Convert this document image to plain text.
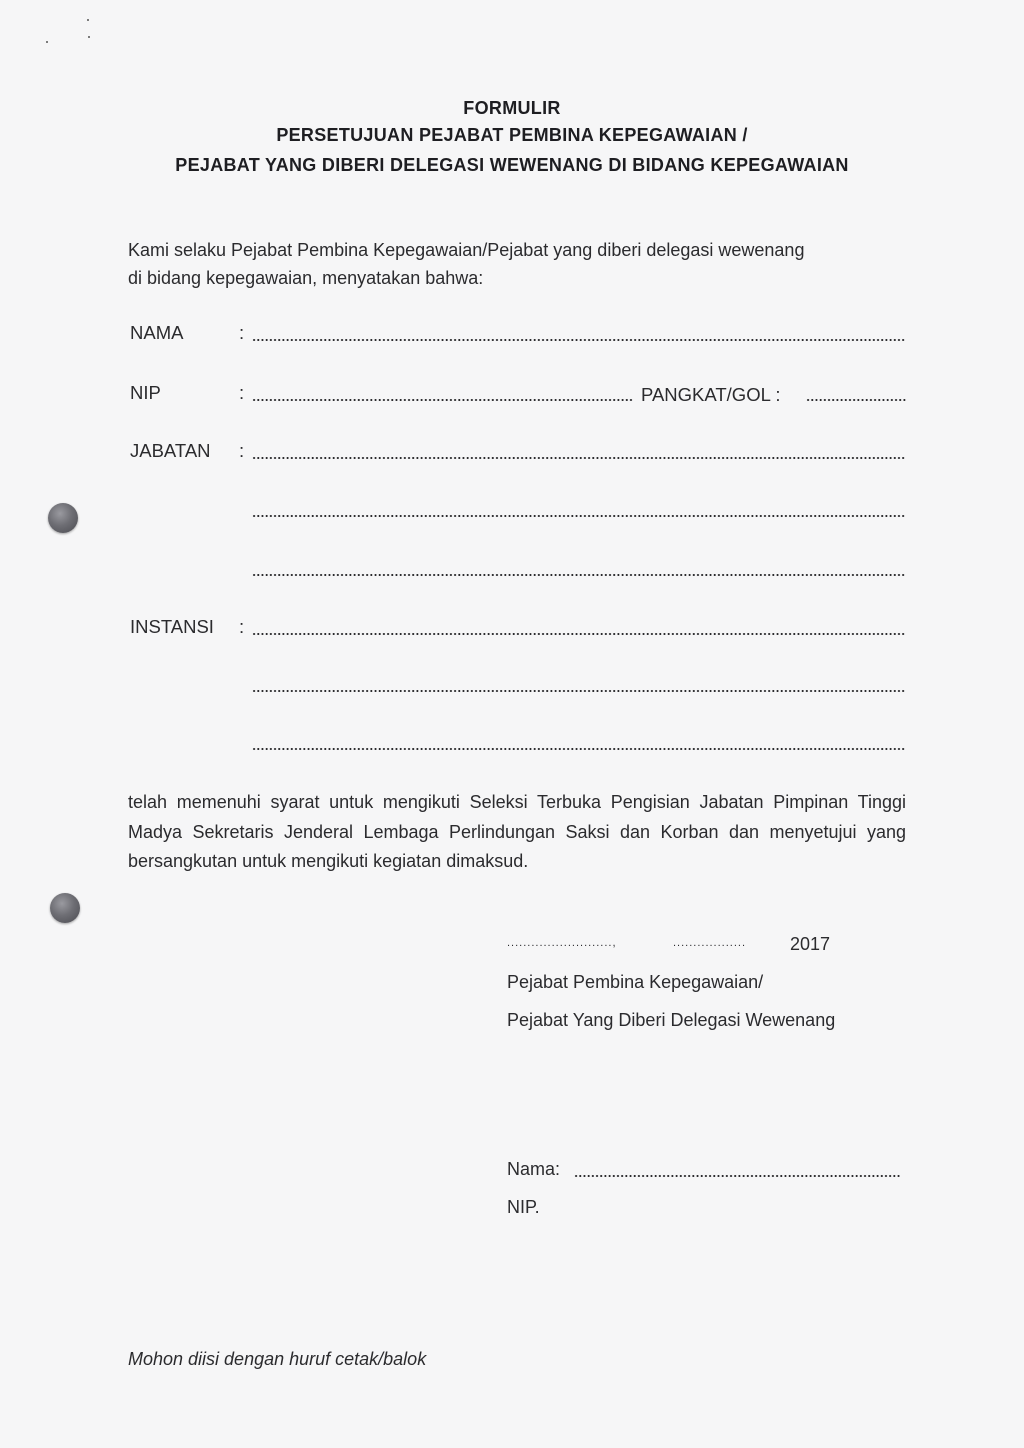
FORMULIR
PERSETUJUAN PEJABAT PEMBINA KEPEGAWAIAN /
PEJABAT YANG DIBERI DELEGASI WEWENANG DI BIDANG KEPEGAWAIAN
Kami selaku Pejabat Pembina Kepegawaian/Pejabat yang diberi delegasi wewenang
di bidang kepegawaian, menyatakan bahwa:
NAMA	:
NIP	:	PANGKAT/GOL :
JABATAN :
INSTANSI :
telah memenuhi syarat untuk mengikuti Seleksi Terbuka Pengisian Jabatan Pimpinan Tinggi Madya Sekretaris Jenderal Lembaga Perlindungan Saksi dan Korban dan menyetujui yang bersangkutan untuk mengikuti kegiatan dimaksud.
..........................,	.................. 2017
Pejabat Pembina Kepegawaian/
Pejabat Yang Diberi Delegasi Wewenang
Nama:
NIP.
Mohon diisi dengan huruf cetak/balok
